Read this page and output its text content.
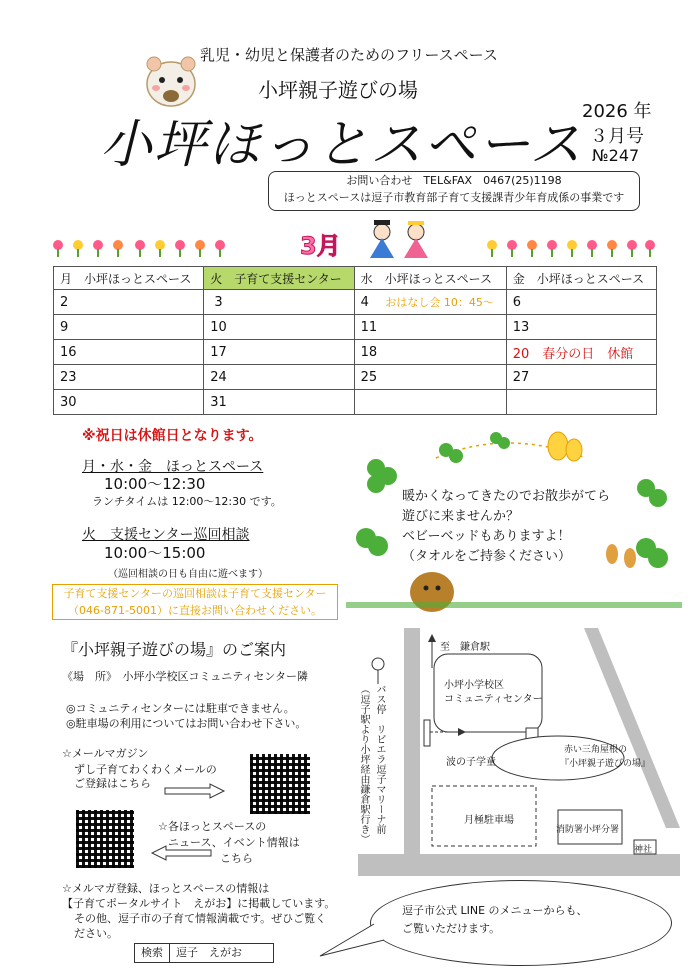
乳児・幼児と保護者のためのフリースペース
小坪親子遊びの場
小坪ほっとスペース
2026 年
３月号
№247
お問い合わせ　TEL&FAX　0467(25)1198
ほっとスペースは逗子市教育部子育て支援課青少年育成係の事業です
3月
月　小坪ほっとスペース	火　子育て支援センター	水　小坪ほっとスペース	金　小坪ほっとスペース
2	3	4 おはなし会 10：45～	6
9	10	11	13
16	17	18	20　春分の日　休館
23	24	25	27
30	31		
※祝日は休館日となります。
月・水・金　ほっとスペース
10:00～12:30
ランチタイムは 12:00～12:30 です。
火　支援センター巡回相談
10:00～15:00
（巡回相談の日も自由に遊べます）
子育て支援センターの巡回相談は子育て支援センター
（046-871-5001）に直接お問い合わせください。
暖かくなってきたのでお散歩がてら
遊びに来ませんか？
ベビーベッドもありますよ！
（タオルをご持参ください）
『小坪親子遊びの場』のご案内
《場　所》　小坪小学校区コミュニティセンター隣
◎コミュニティセンターには駐車できません。
◎駐車場の利用についてはお問い合わせ下さい。
☆メールマガジン
ずし子育てわくわくメールの
ご登録はこちら
☆各ほっとスペースの
ニュース、イベント情報は
こちら
☆メルマガ登録、ほっとスペースの情報は
【子育てポータルサイト　えがお】に掲載しています。
その他、逗子市の子育て情報満載です。ぜひご覧く
ださい。
検索	逗子　えがお
至　鎌倉駅
小坪小学校区
コミュニティセンター
波の子学童
赤い三角屋根の
『小坪親子遊びの場』
月極駐車場
消防署小坪分署
神社
バス停　リビエラ逗子マリーナ前
（逗子駅より小坪経由鎌倉駅行き）
逗子市公式 LINE のメニューからも、
ご覧いただけます。
